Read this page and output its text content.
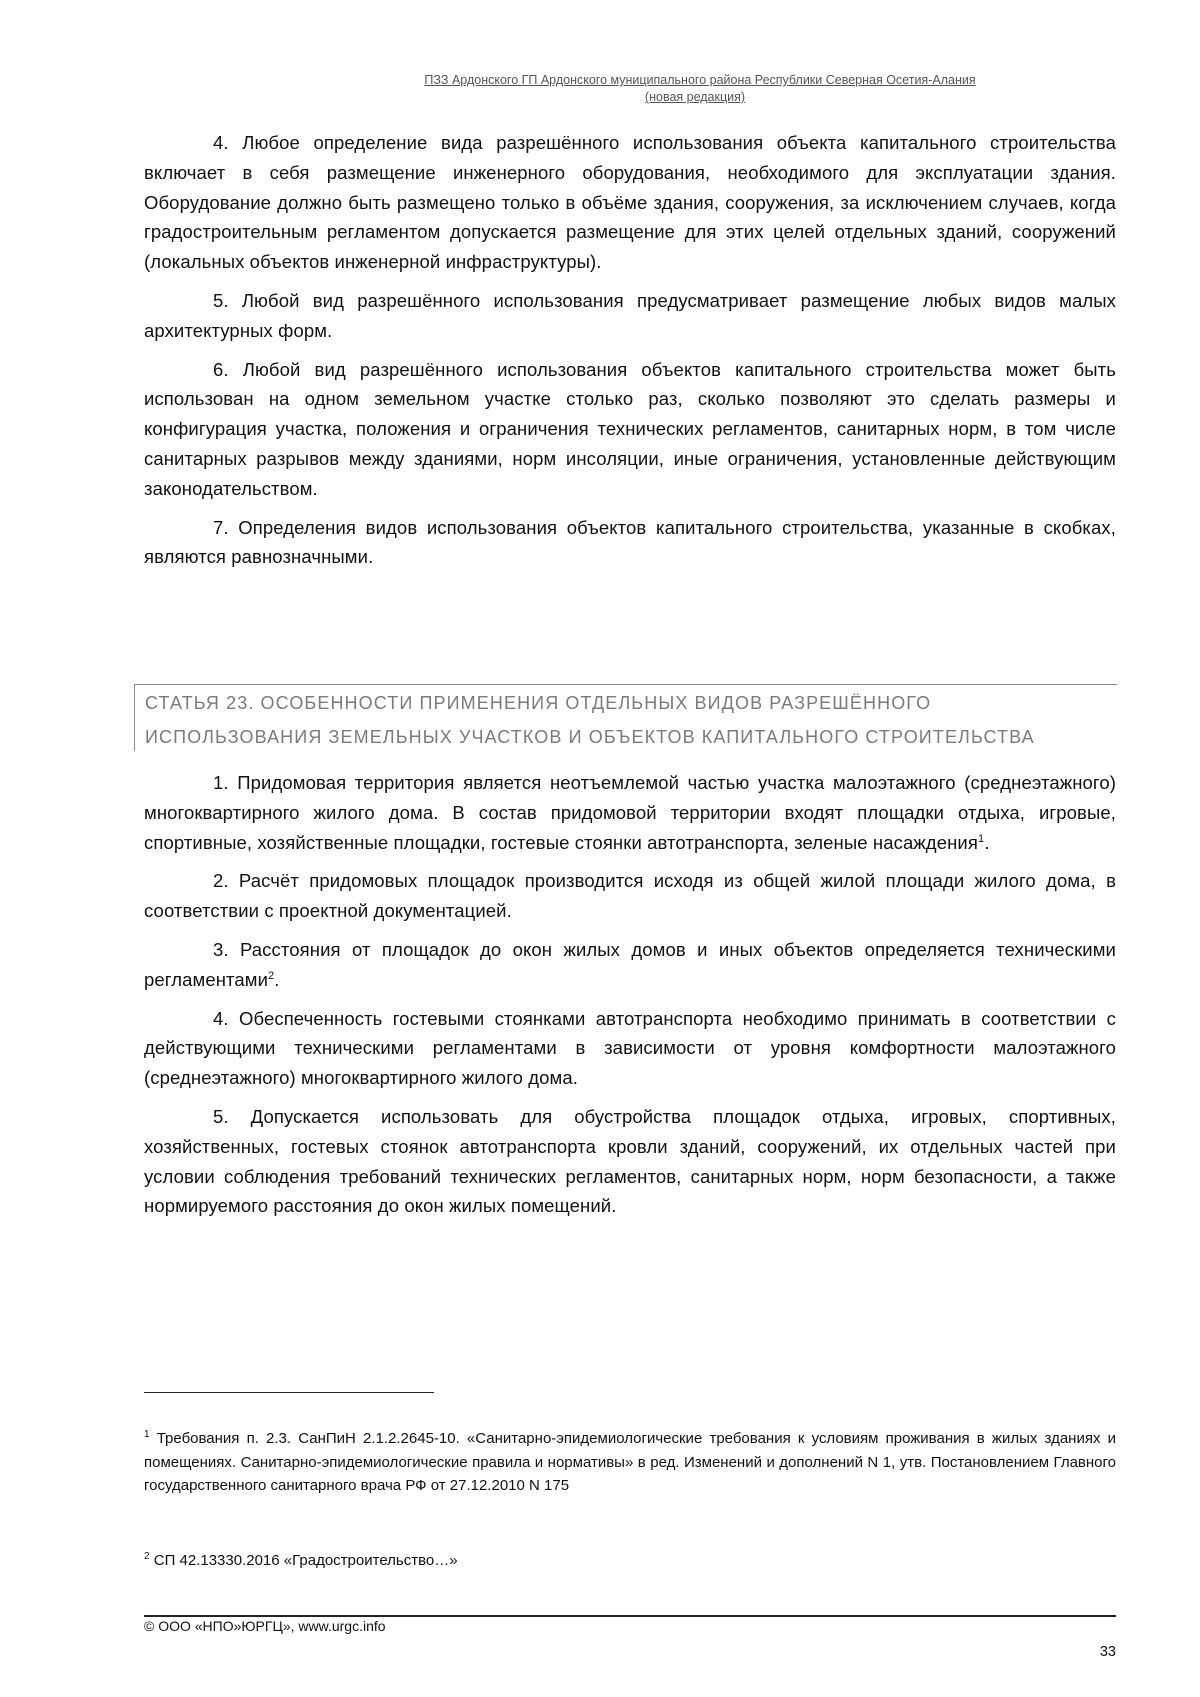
ПЗЗ Ардонского ГП Ардонского муниципального района Республики Северная Осетия-Алания
(новая редакция)

4. Любое определение вида разрешённого использования объекта капитального строительства включает в себя размещение инженерного оборудования, необходимого для эксплуатации здания. Оборудование должно быть размещено только в объёме здания, сооружения, за исключением случаев, когда градостроительным регламентом допускается размещение для этих целей отдельных зданий, сооружений (локальных объектов инженерной инфраструктуры).

5. Любой вид разрешённого использования предусматривает размещение любых видов малых архитектурных форм.

6. Любой вид разрешённого использования объектов капитального строительства может быть использован на одном земельном участке столько раз, сколько позволяют это сделать размеры и конфигурация участка, положения и ограничения технических регламентов, санитарных норм, в том числе санитарных разрывов между зданиями, норм инсоляции, иные ограничения, установленные действующим законодательством.

7. Определения видов использования объектов капитального строительства, указанные в скобках, являются равнозначными.

СТАТЬЯ 23. ОСОБЕННОСТИ ПРИМЕНЕНИЯ ОТДЕЛЬНЫХ ВИДОВ РАЗРЕШЁННОГО
ИСПОЛЬЗОВАНИЯ ЗЕМЕЛЬНЫХ УЧАСТКОВ И ОБЪЕКТОВ КАПИТАЛЬНОГО СТРОИТЕЛЬСТВА

1. Придомовая территория является неотъемлемой частью участка малоэтажного (среднеэтажного) многоквартирного жилого дома. В состав придомовой территории входят площадки отдыха, игровые, спортивные, хозяйственные площадки, гостевые стоянки автотранспорта, зеленые насаждения$^1$.

2. Расчёт придомовых площадок производится исходя из общей жилой площади жилого дома, в соответствии с проектной документацией.

3. Расстояния от площадок до окон жилых домов и иных объектов определяется техническими регламентами$^2$.

4. Обеспеченность гостевыми стоянками автотранспорта необходимо принимать в соответствии с действующими техническими регламентами в зависимости от уровня комфортности малоэтажного (среднеэтажного) многоквартирного жилого дома.

5. Допускается использовать для обустройства площадок отдыха, игровых, спортивных, хозяйственных, гостевых стоянок автотранспорта кровли зданий, сооружений, их отдельных частей при условии соблюдения требований технических регламентов, санитарных норм, норм безопасности, а также нормируемого расстояния до окон жилых помещений.

$^1$ Требования п. 2.3. СанПиН 2.1.2.2645-10. «Санитарно-эпидемиологические требования к условиям проживания в жилых зданиях и помещениях. Санитарно-эпидемиологические правила и нормативы» в ред. Изменений и дополнений N 1, утв. Постановлением Главного государственного санитарного врача РФ от 27.12.2010 N 175
$^2$ СП 42.13330.2016 «Градостроительство…»
© ООО «НПО»ЮРГЦ», www.urgc.info
33
